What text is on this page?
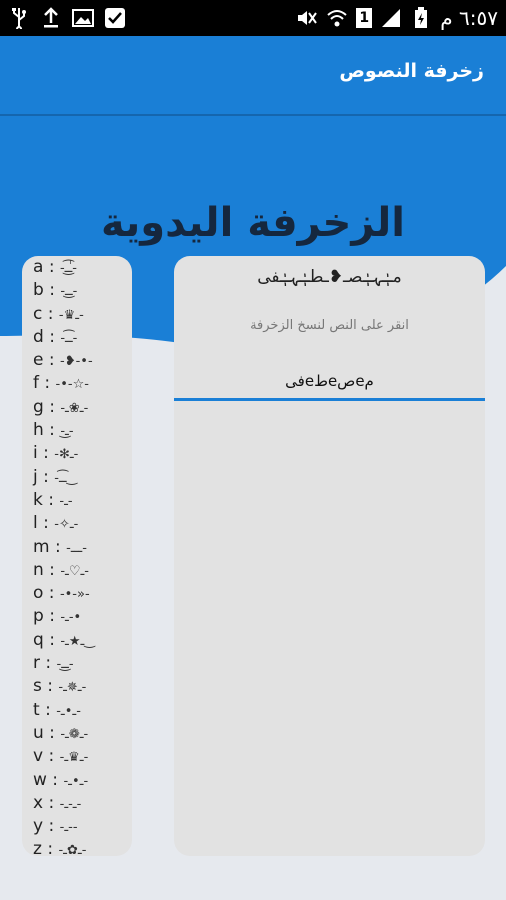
1	٦:٥٧ م
زخرفة النصوص
الزخرفة اليدوية
a : -ـٰ͜͡ـ-
b : -ـ͜ـ-
c : -♛ـ-
d : -ـ͡ـ-
e : -❥-•-
f : -•-☆-
g : -ـ❀ـ-
h : -ـ͜-
i : -✻ـ-
j : -ـ͡ـ‿
k : -ـ-
l : -✧ـ-
m : -ـــ-
n : -ـ♡ـ-
o : -•-»-
p : -ـ-•
q : -ـ★ـ‿
r : -ـ͜ـ-
s : -ـ✵ـ-
t : -ـ•ـ-
u : -ـ❁ـ-
v : -ـ♛ـ-
w : -ـ•ـ-
x : -ـ-ـ-
y : -ـ--
z : -ـ✿ـ-
مـٰٖہـٰٖصـ❥ـطـٰٖہـٰٖفى
انقر على النص لنسخ الزخرفة
مeصeطeفى
